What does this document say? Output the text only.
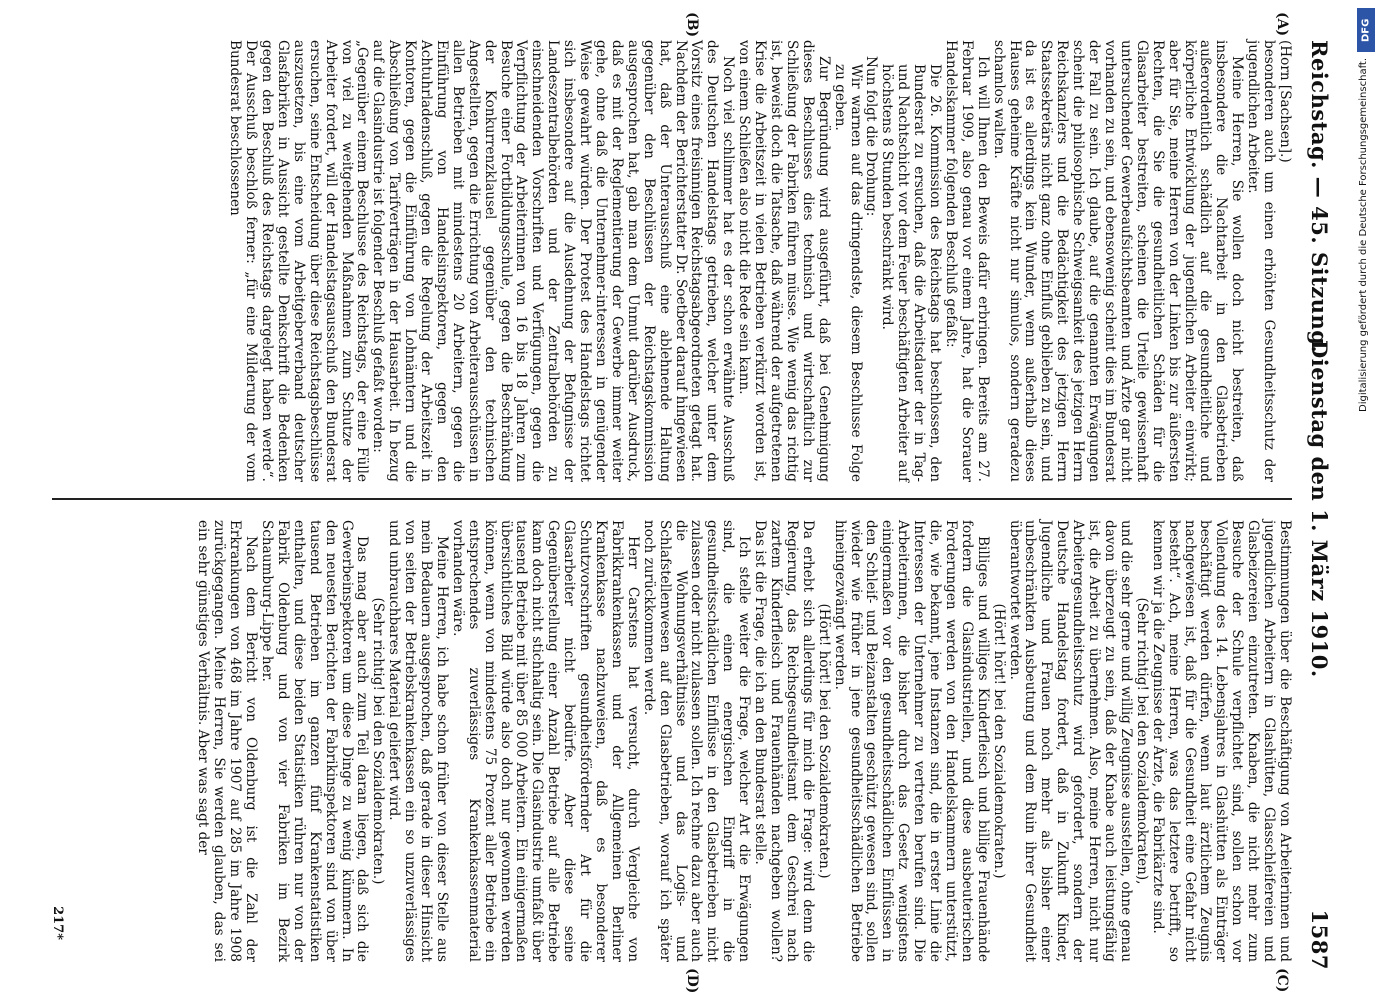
Reichstag. — 45. Sitzung.
Dienstag den 1. März 1910.
1587
(A)
(B)
(C)
(D)

(Horn [Sachsen].)

besonderen auch um einen erhöhten Gesundheitsschutz der jugendlichen Arbeiter.

Meine Herren, Sie wollen doch nicht bestreiten, daß insbesondere die Nachtarbeit in den Glasbetrieben außerordentlich schädlich auf die gesundheitliche und körperliche Entwicklung der jugendlichen Arbeiter einwirkt; aber für Sie, meine Herren von der Linken bis zur äußersten Rechten, die Sie die gesundheitlichen Schäden für die Glasarbeiter bestreiten, scheinen die Urteile gewissenhaft untersuchender Gewerbeaufsichtsbeamten und Ärzte gar nicht vorhanden zu sein, und ebensowenig scheint dies im Bundesrat der Fall zu sein. Ich glaube, auf die genannten Erwägungen scheint die philosophische Schweigsamkeit des jetzigen Herrn Reichskanzlers und die Bedächtigkeit des jetzigen Herrn Staatssekretärs nicht ganz ohne Einfluß geblieben zu sein, und da ist es allerdings kein Wunder, wenn außerhalb dieses Hauses geheime Kräfte nicht nur simulos, sondern geradezu schamlos walten.

Ich will Ihnen den Beweis dafür erbringen. Bereits am 27. Februar 1909, also genau vor einem Jahre, hat die Sorauer Handelskammer folgenden Beschluß gefaßt:

Die 26. Kommission des Reichstags hat beschlossen, den Bundesrat zu ersuchen, daß die Arbeitsdauer der in Tag- und Nachtschicht vor dem Feuer beschäftigten Arbeiter auf höchstens 8 Stunden beschränkt wird.

Nun folgt die Drohung:

Wir warnen auf das dringendste, diesem Beschlusse Folge zu geben.

Zur Begründung wird ausgeführt, daß bei Genehmigung dieses Beschlusses dies technisch und wirtschaftlich zur Schließung der Fabriken führen müsse. Wie wenig das richtig ist, beweist doch die Tatsache, daß während der aufgetretenen Krise die Arbeitszeit in vielen Betrieben verkürzt worden ist, von einem Schließen also nicht die Rede sein kann.

Noch viel schlimmer hat es der schon erwähnte Ausschuß des Deutschen Handelstags getrieben, welcher unter dem Vorsitz eines freisinnigen Reichstagsabgeordneten getagt hat. Nachdem der Berichterstatter Dr. Soetbeer darauf hingewiesen hat, daß der Unterausschuß eine ablehnende Haltung gegenüber den Beschlüssen der Reichstagskommission ausgesprochen hat, gab man dem Unmut darüber Ausdruck, daß es mit der Reglementierung der Gewerbe immer weiter gehe, ohne daß die Unternehmer-interessen in genügender Weise gewahrt würden. Der Protest des Handelstags richtet sich insbesondere auf die Ausdehnung der Befugnisse der Landeszentralbehörden und der Zentralbehörden zu einschneidenden Vorschriften und Verfügungen, gegen die Verpflichtung der Arbeiterinnen von 16 bis 18 Jahren zum Besuche einer Fortbildungsschule, gegen die Beschränkung der Konkurrenzklausel gegenüber den technischen Angestellten, gegen die Errichtung von Arbeiterausschüssen in allen Betrieben mit mindestens 20 Arbeitern, gegen die Einführung von Handelsinspektoren, gegen den Achtuhrladenschluß, gegen die Regelung der Arbeitszeit in Kontoren, gegen die Einführung von Lohnämtern und die Abschließung von Tarifverträgen in der Hausarbeit. In bezug auf die Glasindustrie ist folgender Beschluß gefaßt worden:

„Gegenüber einem Beschlusse des Reichstags, der eine Fülle von viel zu weitgehenden Maßnahmen zum Schutze der Arbeiter fordert, will der Handelstagsausschuß den Bundesrat ersuchen, seine Entscheidung über diese Reichstagsbeschlüsse auszusetzen, bis eine vom Arbeitgeberverband deutscher Glasfabriken in Aussicht gestellte Denkschrift die Bedenken gegen den Beschluß des Reichstags dargelegt haben werde“. Der Ausschuß beschloß ferner: „für eine Milderung der vom Bundesrat beschlossenen

Bestimmungen über die Beschäftigung von Arbeiterinnen und jugendlichen Arbeitern in Glashütten, Glasschleifereien und Glasbeizereien einzutreten. Knaben, die nicht mehr zum Besuche der Schule verpflichtet sind, sollen schon vor Vollendung des 14. Lebensjahres in Glashütten als Einträger beschäftigt werden dürfen, wenn laut ärztlichem Zeugnis nachgewiesen ist, daß für die Gesundheit eine Gefahr nicht besteht“. Ach, meine Herren, was das letztere betrifft, so kennen wir ja die Zeugnisse der Ärzte, die Fabrikärzte sind.

(Sehr richtig! bei den Sozialdemokraten),

und die sehr gerne und willig Zeugnisse ausstellen, ohne genau davon überzeugt zu sein, daß der Knabe auch leistungsfähig ist, die Arbeit zu übernehmen. Also, meine Herren, nicht nur Arbeitergesundheitsschutz wird gefordert, sondern der Deutsche Handelstag fordert, daß in Zukunft Kinder, Jugendliche und Frauen noch mehr als bisher einer unbeschränkten Ausbeutung und dem Ruin ihrer Gesundheit überantwortet werden.

(Hört! hört! bei den Sozialdemokraten.)

Billiges und williges Kinderfleisch und billige Frauenhände fordern die Glasindustriellen, und diese ausbeuterischen Forderungen werden von den Handelskammern unterstützt, die, wie bekannt, jene Instanzen sind, die in erster Linie die Interessen der Unternehmer zu vertreten berufen sind. Die Arbeiterinnen, die bisher durch das Gesetz wenigstens einigermaßen vor den gesundheitsschädlichen Einflüssen in den Schleif- und Beizanstalten geschützt gewesen sind, sollen wieder wie früher in jene gesundheitsschädlichen Betriebe hineingezwängt werden.

(Hört! hört! bei den Sozialdemokraten.)

Da erhebt sich allerdings für mich die Frage: wird denn die Regierung, das Reichsgesundheitsamt dem Geschrei nach zartem Kinderfleisch und Frauenhänden nachgeben wollen? Das ist die Frage, die ich an den Bundesrat stelle.

Ich stelle weiter die Frage, welcher Art die Erwägungen sind, die einen energischen Eingriff in die gesundheitsschädlichen Einflüsse in den Glasbetrieben nicht zulassen oder nicht zulassen sollen. Ich rechne dazu aber auch die Wohnungsverhältnisse und das Logis- und Schlafstellenwesen auf den Glasbetrieben, worauf ich später noch zurückkommen werde.

Herr Carstens hat versucht, durch Vergleiche von Fabrikkrankenkassen und der Allgemeinen Berliner Krankenkasse nachzuweisen, daß es besonderer Schutzvorschriften gesundheitsfördernder Art für die Glasarbeiter nicht bedürfe. Aber diese seine Gegenüberstellung einer Anzahl Betriebe auf alle Betriebe kann doch nicht stichhaltig sein. Die Glasindustrie umfaßt über tausend Betriebe mit über 85 000 Arbeitern. Ein einigermaßen übersichtliches Bild würde also doch nur gewonnen werden können, wenn von mindestens 75 Prozent aller Betriebe ein entsprechendes zuverlässiges Krankenkassenmaterial vorhanden wäre.

Meine Herren, ich habe schon früher von dieser Stelle aus mein Bedauern ausgesprochen, daß gerade in dieser Hinsicht von seiten der Betriebskrankenkassen ein so unzuverlässiges und unbrauchbares Material geliefert wird.

(Sehr richtig! bei den Sozialdemokraten.)

Das mag aber auch zum Teil daran liegen, daß sich die Gewerbeinspektoren um diese Dinge zu wenig kümmern. In den neuesten Berichten der Fabrikinspektoren sind von über tausend Betrieben im ganzen fünf Krankenstatistiken enthalten, und diese beiden Statistiken rühren nur von der Fabrik Oldenburg und von vier Fabriken im Bezirk Schaumburg-Lippe her.

Nach dem Bericht von Oldenburg ist die Zahl der Erkrankungen von 468 im Jahre 1907 auf 285 im Jahre 1908 zurückgegangen. Meine Herren, Sie werden glauben, das sei ein sehr günstiges Verhältnis. Aber was sagt der

217*
DFG
Digitalisierung gefördert durch die Deutsche Forschungsgemeinschaft.
